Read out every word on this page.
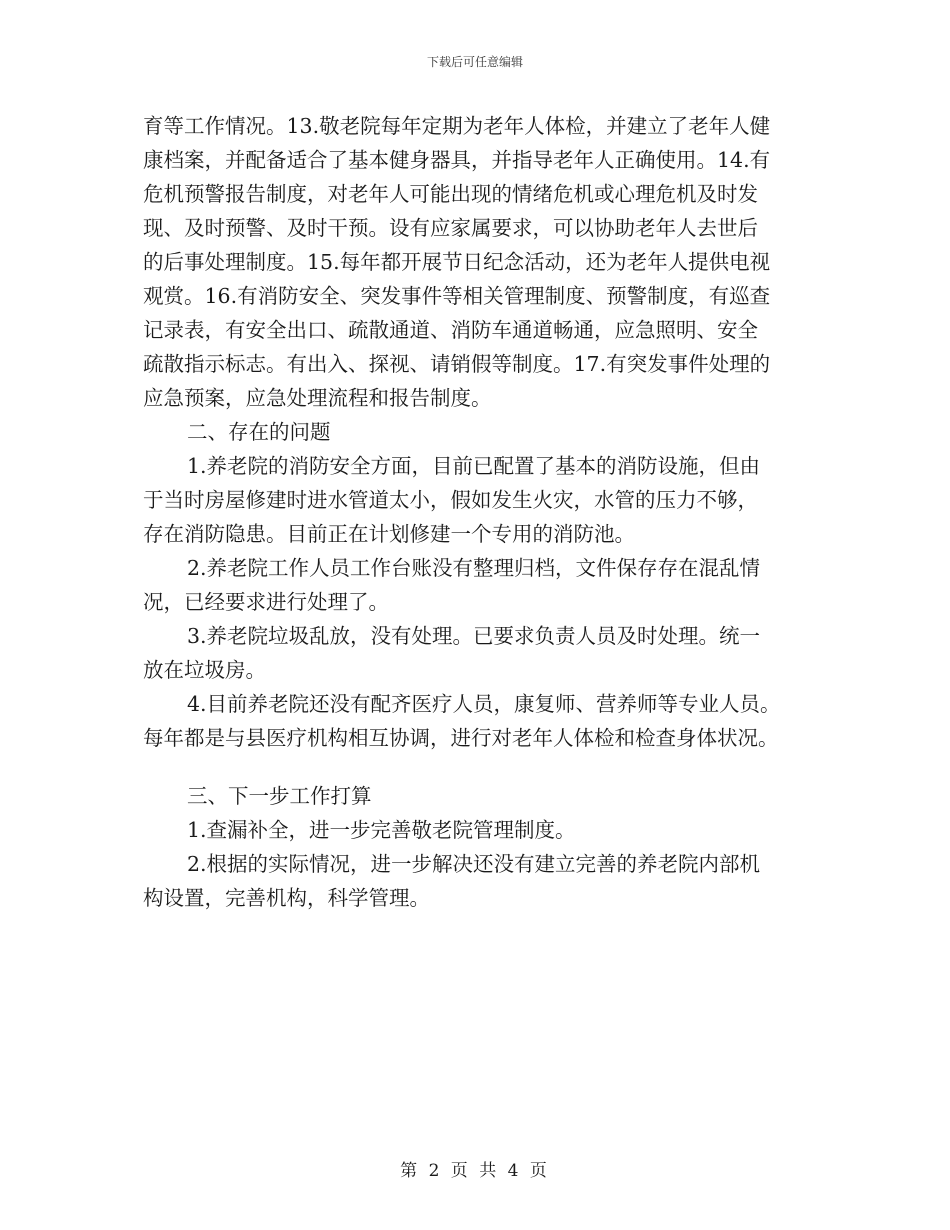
下载后可任意编辑
育等工作情况。13.敬老院每年定期为老年人体检，并建立了老年人健
康档案，并配备适合了基本健身器具，并指导老年人正确使用。14.有
危机预警报告制度，对老年人可能出现的情绪危机或心理危机及时发
现、及时预警、及时干预。设有应家属要求，可以协助老年人去世后
的后事处理制度。15.每年都开展节日纪念活动，还为老年人提供电视
观赏。16.有消防安全、突发事件等相关管理制度、预警制度，有巡查
记录表，有安全出口、疏散通道、消防车通道畅通，应急照明、安全
疏散指示标志。有出入、探视、请销假等制度。17.有突发事件处理的
应急预案，应急处理流程和报告制度。
二、存在的问题
1.养老院的消防安全方面，目前已配置了基本的消防设施，但由
于当时房屋修建时进水管道太小，假如发生火灾，水管的压力不够，
存在消防隐患。目前正在计划修建一个专用的消防池。
2.养老院工作人员工作台账没有整理归档，文件保存存在混乱情
况，已经要求进行处理了。
3.养老院垃圾乱放，没有处理。已要求负责人员及时处理。统一
放在垃圾房。
4.目前养老院还没有配齐医疗人员，康复师、营养师等专业人员。
每年都是与县医疗机构相互协调，进行对老年人体检和检查身体状况。
三、下一步工作打算
1.查漏补全，进一步完善敬老院管理制度。
2.根据的实际情况，进一步解决还没有建立完善的养老院内部机
构设置，完善机构，科学管理。
第 2 页 共 4 页
